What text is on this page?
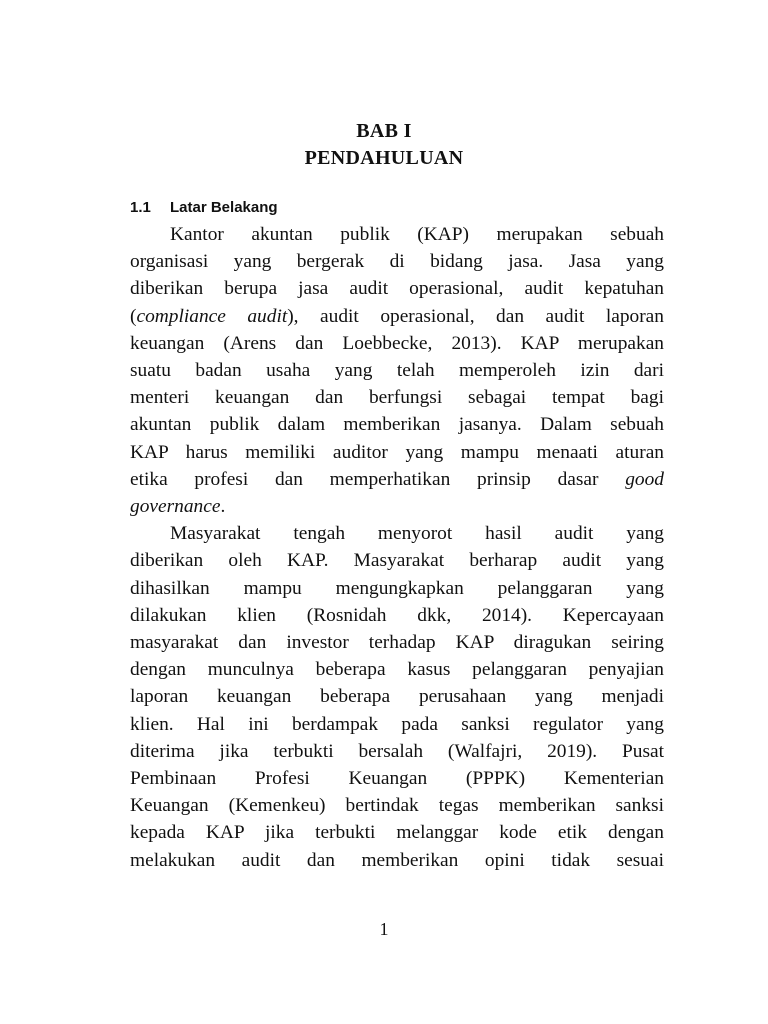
BAB I
PENDAHULUAN
1.1 Latar Belakang
Kantor akuntan publik (KAP) merupakan sebuah
organisasi yang bergerak di bidang jasa. Jasa yang
diberikan berupa jasa audit operasional, audit kepatuhan
(compliance audit), audit operasional, dan audit laporan
keuangan (Arens dan Loebbecke, 2013). KAP merupakan
suatu badan usaha yang telah memperoleh izin dari
menteri keuangan dan berfungsi sebagai tempat bagi
akuntan publik dalam memberikan jasanya. Dalam sebuah
KAP harus memiliki auditor yang mampu menaati aturan
etika profesi dan memperhatikan prinsip dasar good
governance.
Masyarakat tengah menyorot hasil audit yang
diberikan oleh KAP. Masyarakat berharap audit yang
dihasilkan mampu mengungkapkan pelanggaran yang
dilakukan klien (Rosnidah dkk, 2014). Kepercayaan
masyarakat dan investor terhadap KAP diragukan seiring
dengan munculnya beberapa kasus pelanggaran penyajian
laporan keuangan beberapa perusahaan yang menjadi
klien. Hal ini berdampak pada sanksi regulator yang
diterima jika terbukti bersalah (Walfajri, 2019). Pusat
Pembinaan Profesi Keuangan (PPPK) Kementerian
Keuangan (Kemenkeu) bertindak tegas memberikan sanksi
kepada KAP jika terbukti melanggar kode etik dengan
melakukan audit dan memberikan opini tidak sesuai
1
